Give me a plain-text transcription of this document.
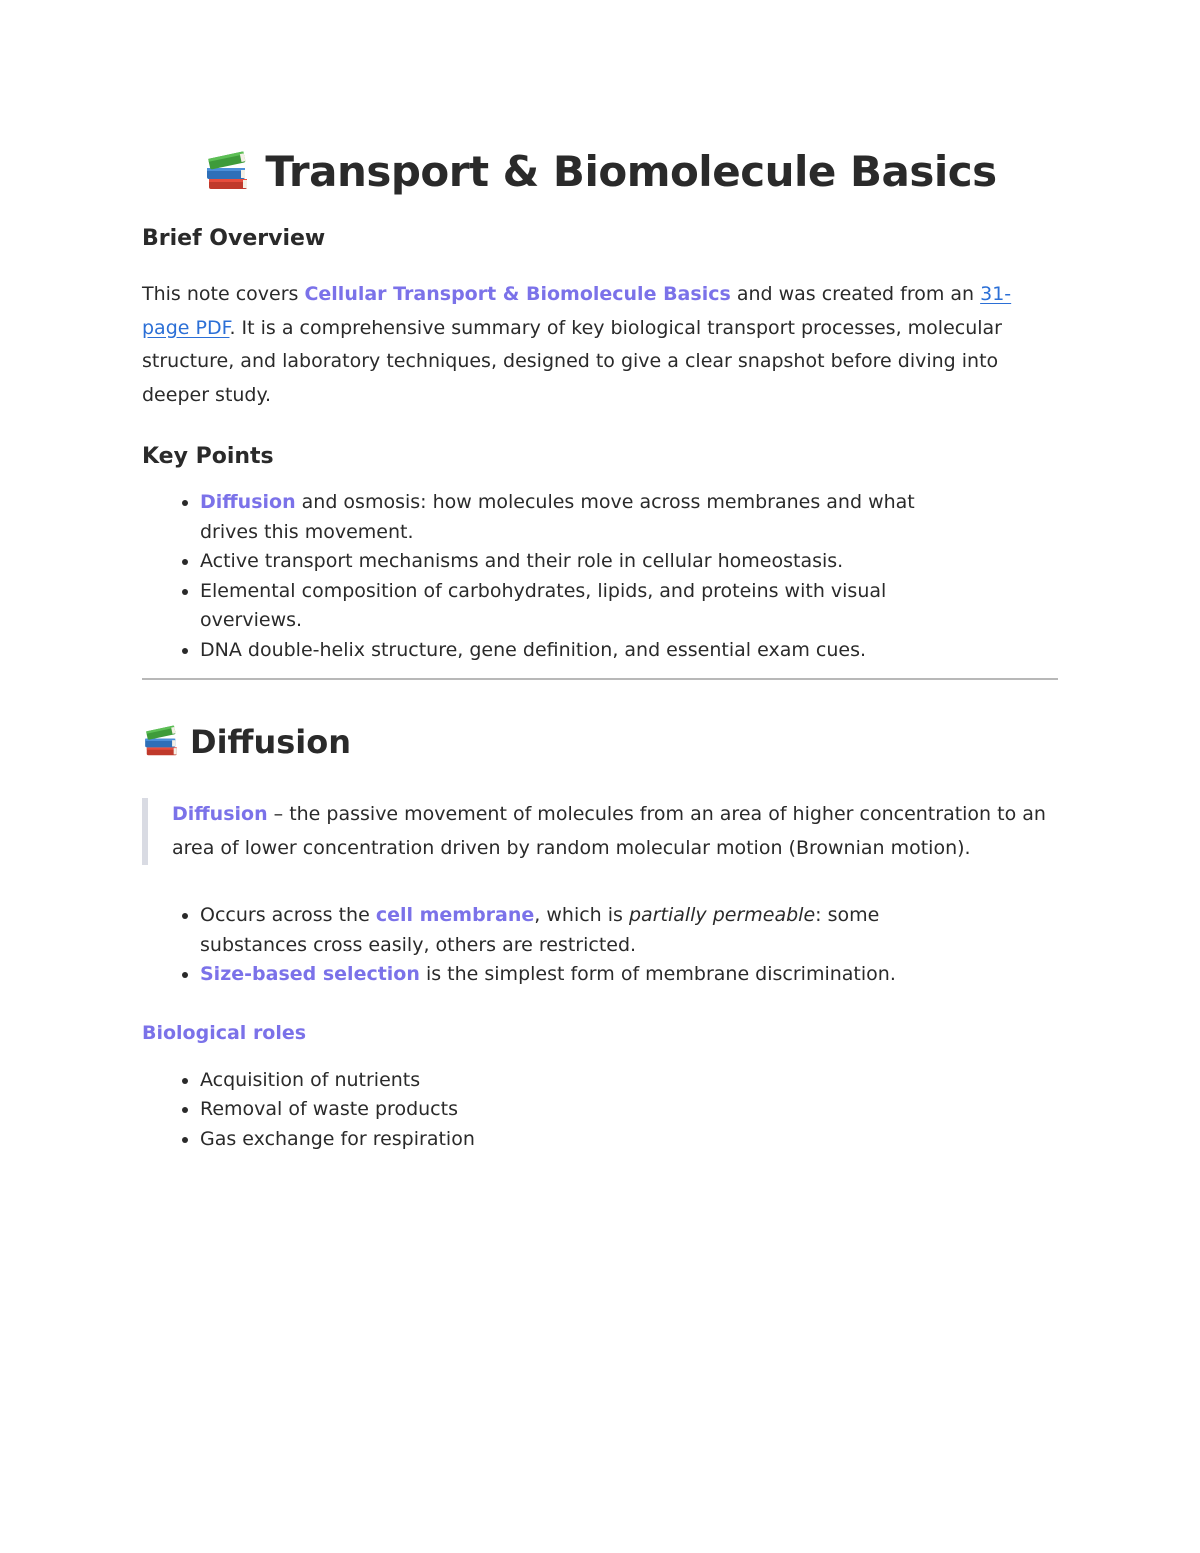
Transport & Biomolecule Basics
Brief Overview

This note covers Cellular Transport & Biomolecule Basics and was created from an 31-page PDF. It is a comprehensive summary of key biological transport processes, molecular structure, and laboratory techniques, designed to give a clear snapshot before diving into deeper study.

Key Points
• Diffusion and osmosis: how molecules move across membranes and what drives this movement.
• Active transport mechanisms and their role in cellular homeostasis.
• Elemental composition of carbohydrates, lipids, and proteins with visual overviews.
• DNA double-helix structure, gene definition, and essential exam cues.
Diffusion
Diffusion – the passive movement of molecules from an area of higher concentration to an area of lower concentration driven by random molecular motion (Brownian motion).
• Occurs across the cell membrane, which is partially permeable: some substances cross easily, others are restricted.
• Size-based selection is the simplest form of membrane discrimination.
Biological roles
• Acquisition of nutrients
• Removal of waste products
• Gas exchange for respiration
